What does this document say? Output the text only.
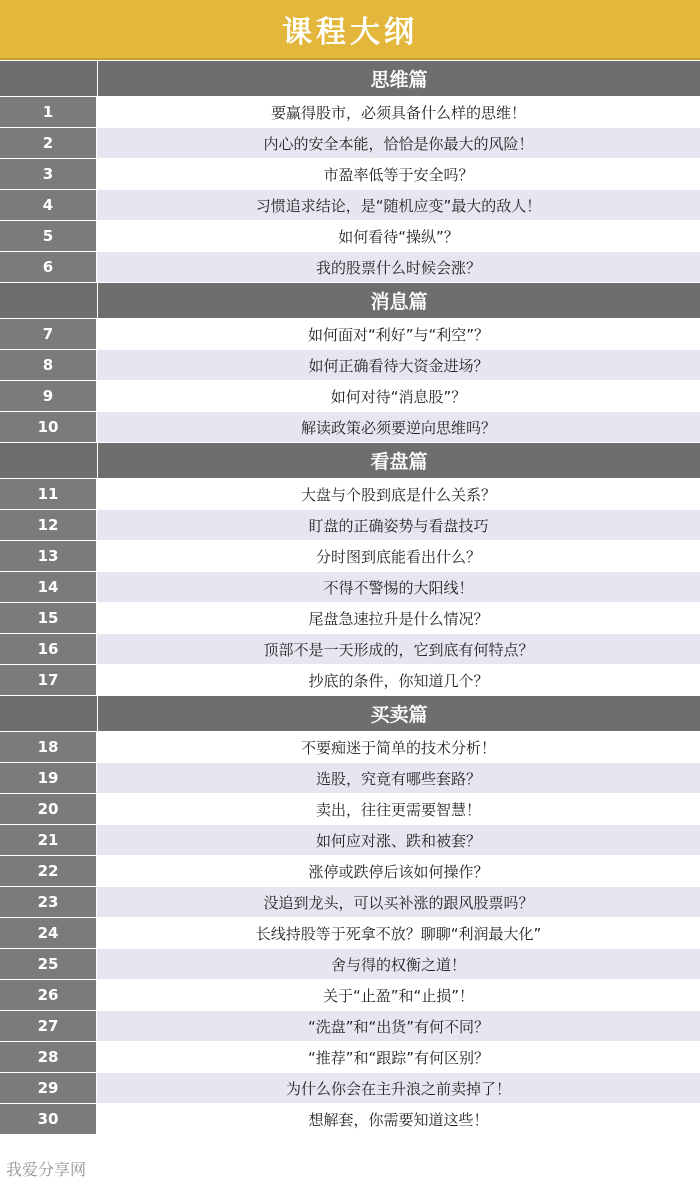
课程大纲
思维篇
1	要赢得股市，必须具备什么样的思维！
2	内心的安全本能，恰恰是你最大的风险！
3	市盈率低等于安全吗？
4	习惯追求结论，是“随机应变”最大的敌人！
5	如何看待“操纵”？
6	我的股票什么时候会涨？
消息篇
7	如何面对“利好”与“利空”？
8	如何正确看待大资金进场？
9	如何对待“消息股”？
10	解读政策必须要逆向思维吗？
看盘篇
11	大盘与个股到底是什么关系？
12	盯盘的正确姿势与看盘技巧
13	分时图到底能看出什么？
14	不得不警惕的大阳线！
15	尾盘急速拉升是什么情况？
16	顶部不是一天形成的，它到底有何特点？
17	抄底的条件，你知道几个？
买卖篇
18	不要痴迷于简单的技术分析！
19	选股，究竟有哪些套路？
20	卖出，往往更需要智慧！
21	如何应对涨、跌和被套？
22	涨停或跌停后该如何操作？
23	没追到龙头，可以买补涨的跟风股票吗？
24	长线持股等于死拿不放？聊聊“利润最大化”
25	舍与得的权衡之道！
26	关于“止盈”和“止损”！
27	“洗盘”和“出货”有何不同？
28	“推荐”和“跟踪”有何区别？
29	为什么你会在主升浪之前卖掉了！
30	想解套，你需要知道这些！
我爱分享网
